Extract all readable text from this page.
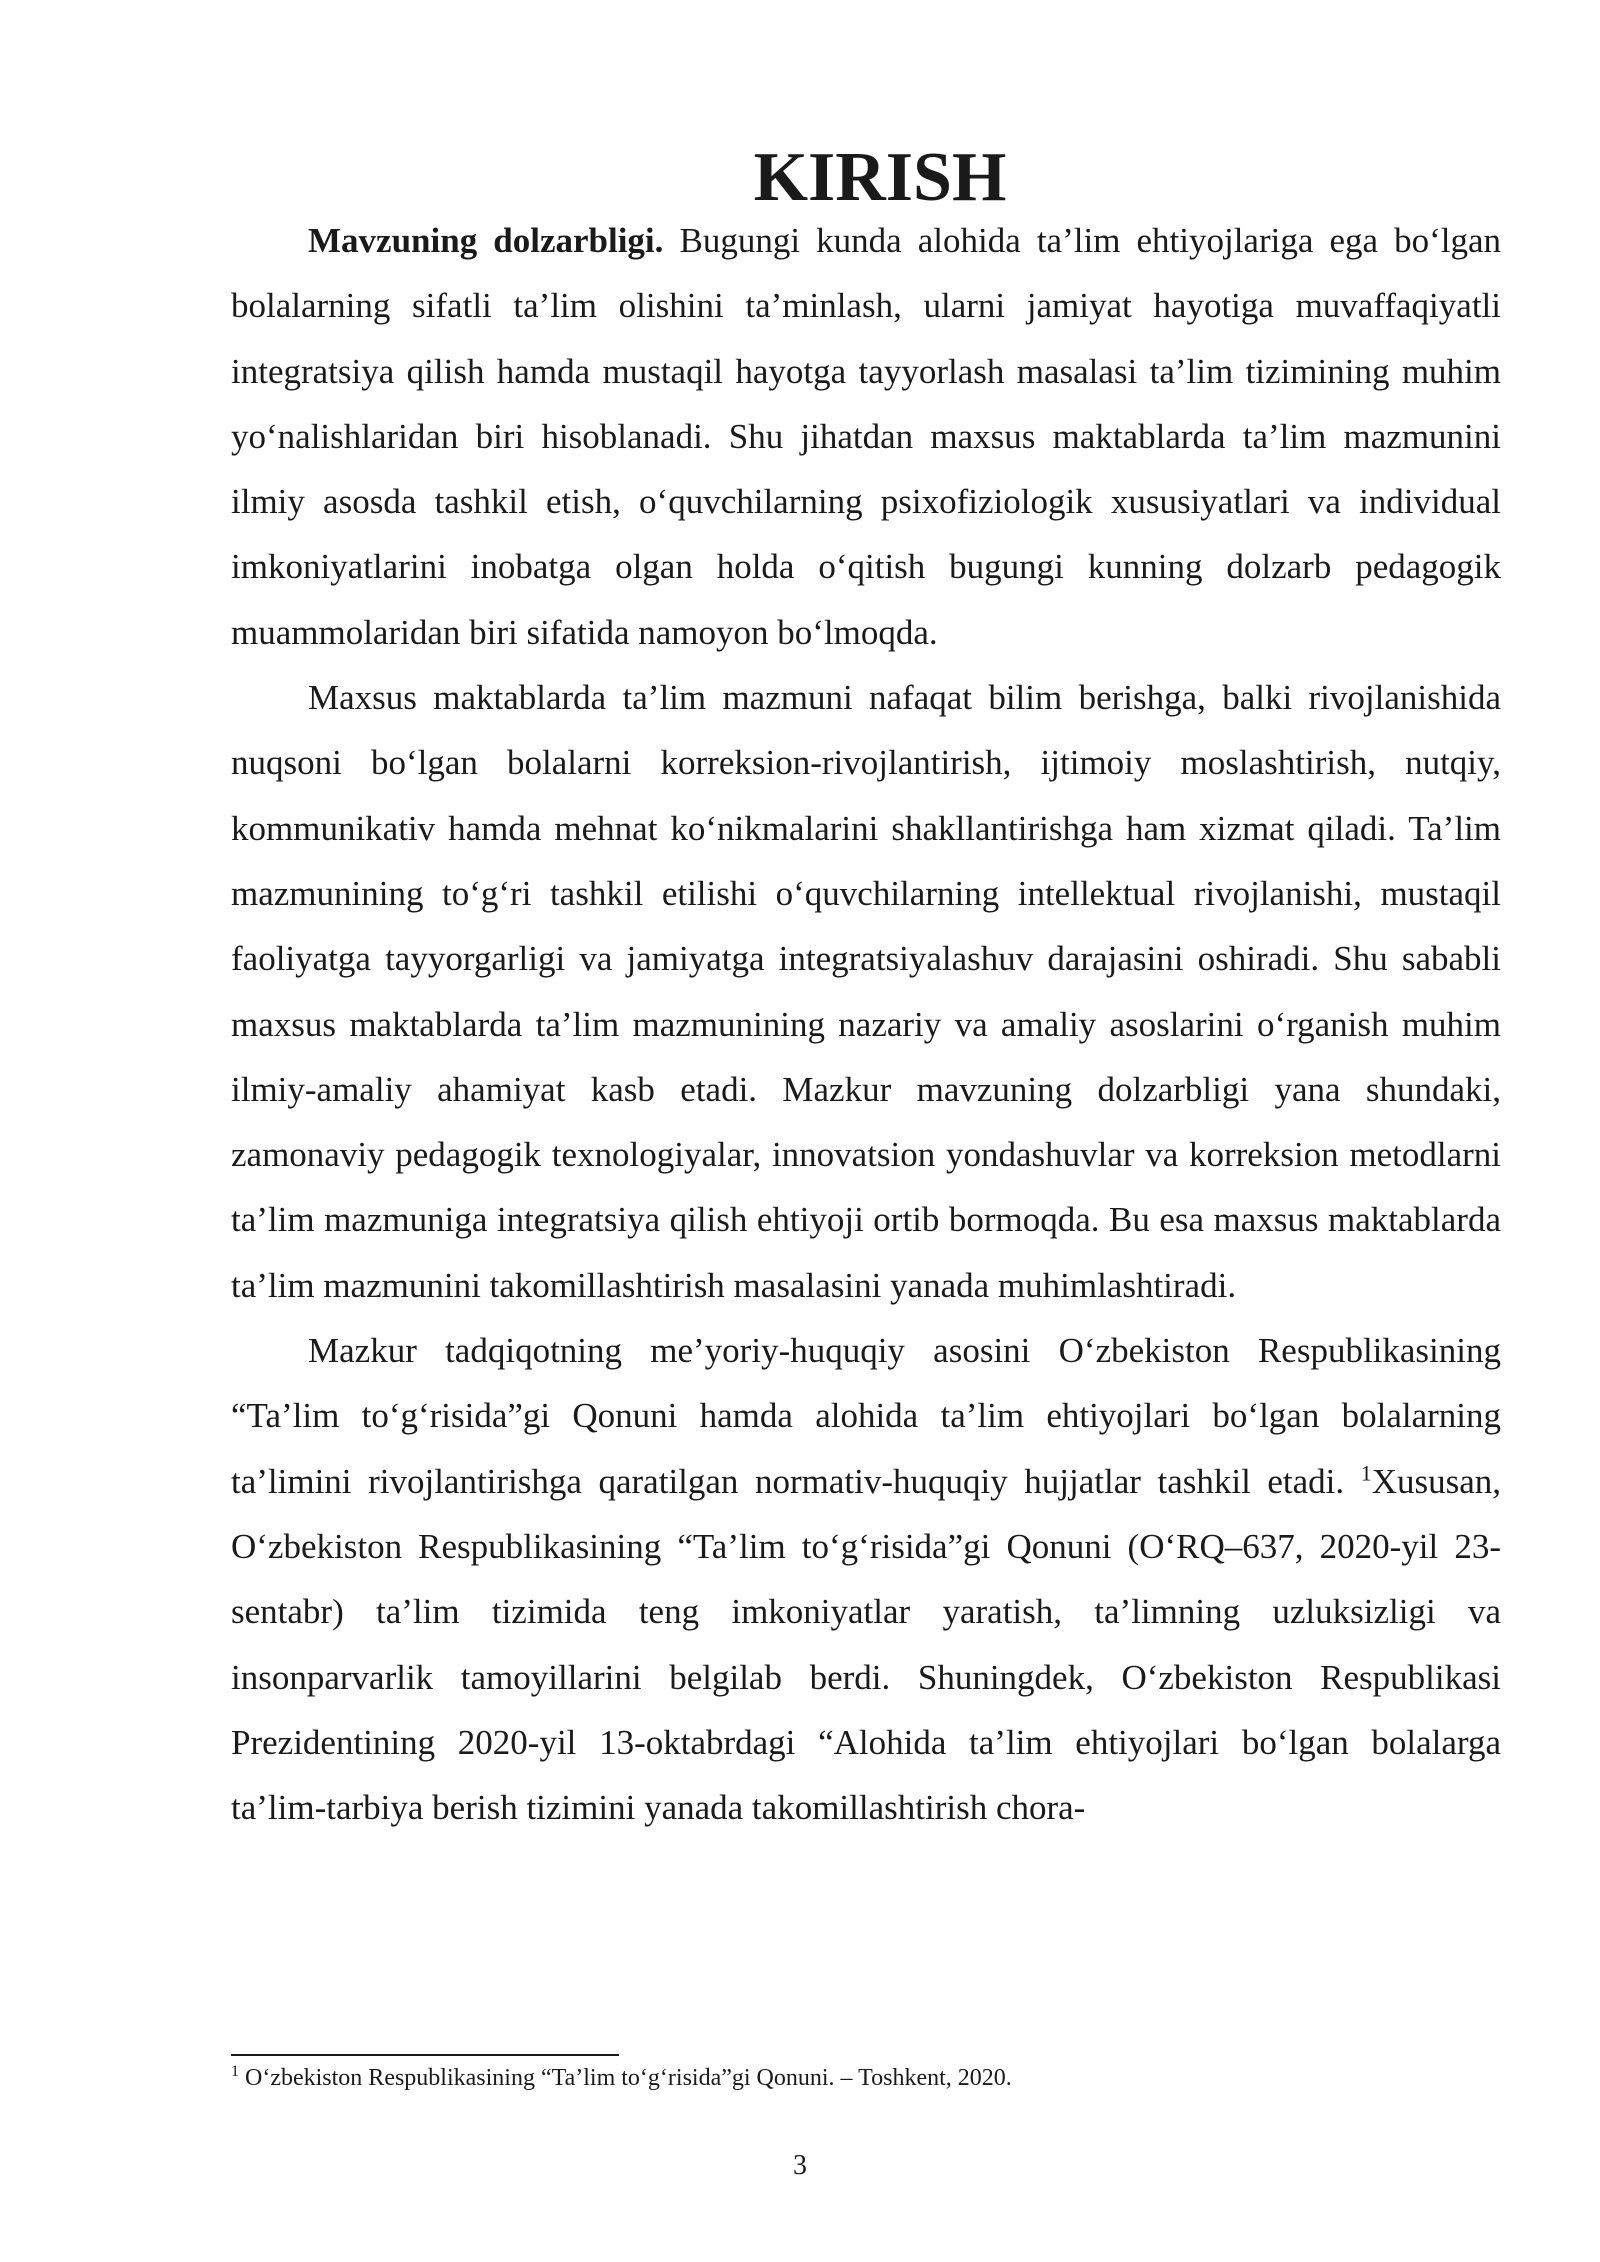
KIRISH

Mavzuning dolzarbligi. Bugungi kunda alohida ta’lim ehtiyojlariga ega bo‘lgan bolalarning sifatli ta’lim olishini ta’minlash, ularni jamiyat hayotiga muvaffaqiyatli integratsiya qilish hamda mustaqil hayotga tayyorlash masalasi ta’lim tizimining muhim yo‘nalishlaridan biri hisoblanadi. Shu jihatdan maxsus maktablarda ta’lim mazmunini ilmiy asosda tashkil etish, o‘quvchilarning psixofiziologik xususiyatlari va individual imkoniyatlarini inobatga olgan holda o‘qitish bugungi kunning dolzarb pedagogik muammolaridan biri sifatida namoyon bo‘lmoqda.

Maxsus maktablarda ta’lim mazmuni nafaqat bilim berishga, balki rivojlanishida nuqsoni bo‘lgan bolalarni korreksion-rivojlantirish, ijtimoiy moslashtirish, nutqiy, kommunikativ hamda mehnat ko‘nikmalarini shakllantirishga ham xizmat qiladi. Ta’lim mazmunining to‘g‘ri tashkil etilishi o‘quvchilarning intellektual rivojlanishi, mustaqil faoliyatga tayyorgarligi va jamiyatga integratsiyalashuv darajasini oshiradi. Shu sababli maxsus maktablarda ta’lim mazmunining nazariy va amaliy asoslarini o‘rganish muhim ilmiy-amaliy ahamiyat kasb etadi. Mazkur mavzuning dolzarbligi yana shundaki, zamonaviy pedagogik texnologiyalar, innovatsion yondashuvlar va korreksion metodlarni ta’lim mazmuniga integratsiya qilish ehtiyoji ortib bormoqda. Bu esa maxsus maktablarda ta’lim mazmunini takomillashtirish masalasini yanada muhimlashtiradi.

Mazkur tadqiqotning me’yoriy-huquqiy asosini O‘zbekiston Respublikasining “Ta’lim to‘g‘risida”gi Qonuni hamda alohida ta’lim ehtiyojlari bo‘lgan bolalarning ta’limini rivojlantirishga qaratilgan normativ-huquqiy hujjatlar tashkil etadi. $^1$Xususan, O‘zbekiston Respublikasining “Ta’lim to‘g‘risida”gi Qonuni (O‘RQ–637, 2020-yil 23-sentabr) ta’lim tizimida teng imkoniyatlar yaratish, ta’limning uzluksizligi va insonparvarlik tamoyillarini belgilab berdi. Shuningdek, O‘zbekiston Respublikasi Prezidentining 2020-yil 13-oktabrdagi “Alohida ta’lim ehtiyojlari bo‘lgan bolalarga ta’lim-tarbiya berish tizimini yanada takomillashtirish chora-

$^1$ O‘zbekiston Respublikasining “Ta’lim to‘g‘risida”gi Qonuni. – Toshkent, 2020.

3
